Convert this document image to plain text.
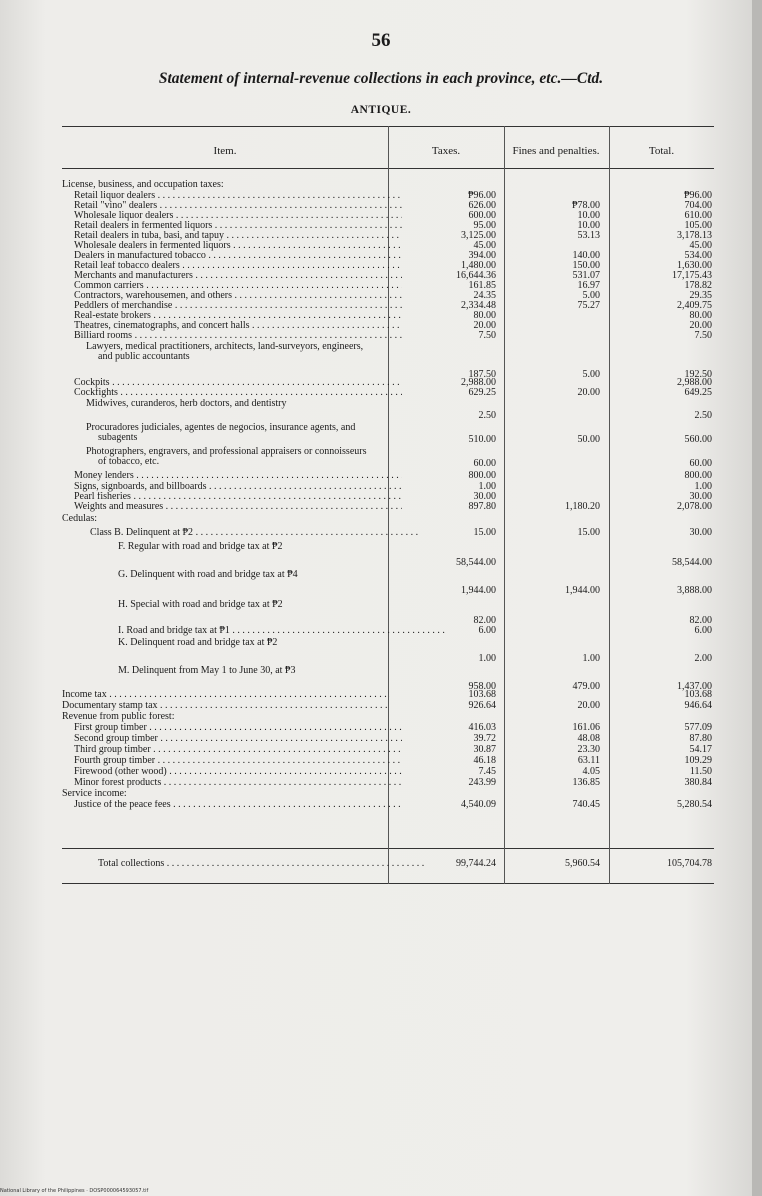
56
Statement of internal-revenue collections in each province, etc.—Ctd.
ANTIQUE.
Item.	Taxes.	Fines and penalties.	Total.
License, business, and occupation taxes:
Retail liquor dealers . . .	₱96.00	₱96.00
Retail "vino" dealers . . .	626.00	₱78.00	704.00
Wholesale liquor dealers . . .	600.00	10.00	610.00
Retail dealers in fermented liquors . . .	95.00	10.00	105.00
Retail dealers in tuba, basi, and tapuy . . .	3,125.00	53.13	3,178.13
Wholesale dealers in fermented liquors . . .	45.00	45.00
Dealers in manufactured tobacco . . .	394.00	140.00	534.00
Retail leaf tobacco dealers . . .	1,480.00	150.00	1,630.00
Merchants and manufacturers . . .	16,644.36	531.07	17,175.43
Common carriers . . .	161.85	16.97	178.82
Contractors, warehousemen, and others . . .	24.35	5.00	29.35
Peddlers of merchandise . . .	2,334.48	75.27	2,409.75
Real-estate brokers . . .	80.00	80.00
Theatres, cinematographs, and concert halls . . .	20.00	20.00
Billiard rooms . . .	7.50	7.50
Lawyers, medical practitioners, architects, land-surveyors, engineers, and public accountants
187.50	5.00	192.50
Cockpits . . .	2,988.00	2,988.00
Cockfights . . .	629.25	20.00	649.25
Midwives, curanderos, herb doctors, and dentistry
2.50	2.50
Procuradores judiciales, agentes de negocios, insurance agents, and subagents	510.00	50.00	560.00
Photographers, engravers, and professional appraisers or connoisseurs of tobacco, etc.	60.00	60.00
Money lenders . . .	800.00	800.00
Signs, signboards, and billboards . . .	1.00	1.00
Pearl fisheries . . .	30.00	30.00
Weights and measures . . .	897.80	1,180.20	2,078.00
Cedulas:
Class B. Delinquent at ₱2 . . .	15.00	15.00	30.00
F. Regular with road and bridge tax at ₱2
58,544.00	58,544.00
G. Delinquent with road and bridge tax at ₱4
1,944.00	1,944.00	3,888.00
H. Special with road and bridge tax at ₱2
82.00	82.00
I. Road and bridge tax at ₱1 . . .	6.00	6.00
K. Delinquent road and bridge tax at ₱2
1.00	1.00	2.00
M. Delinquent from May 1 to June 30, at ₱3
958.00	479.00	1,437.00
Income tax . . .	103.68	103.68
Documentary stamp tax . . .	926.64	20.00	946.64
Revenue from public forest:
First group timber . . .	416.03	161.06	577.09
Second group timber . . .	39.72	48.08	87.80
Third group timber . . .	30.87	23.30	54.17
Fourth group timber . . .	46.18	63.11	109.29
Firewood (other wood) . . .	7.45	4.05	11.50
Minor forest products . . .	243.99	136.85	380.84
Service income:
Justice of the peace fees . . .	4,540.09	740.45	5,280.54
Total collections . . .	99,744.24	5,960.54	105,704.78
National Library of the Philippines · DOSP000064593057.tif
